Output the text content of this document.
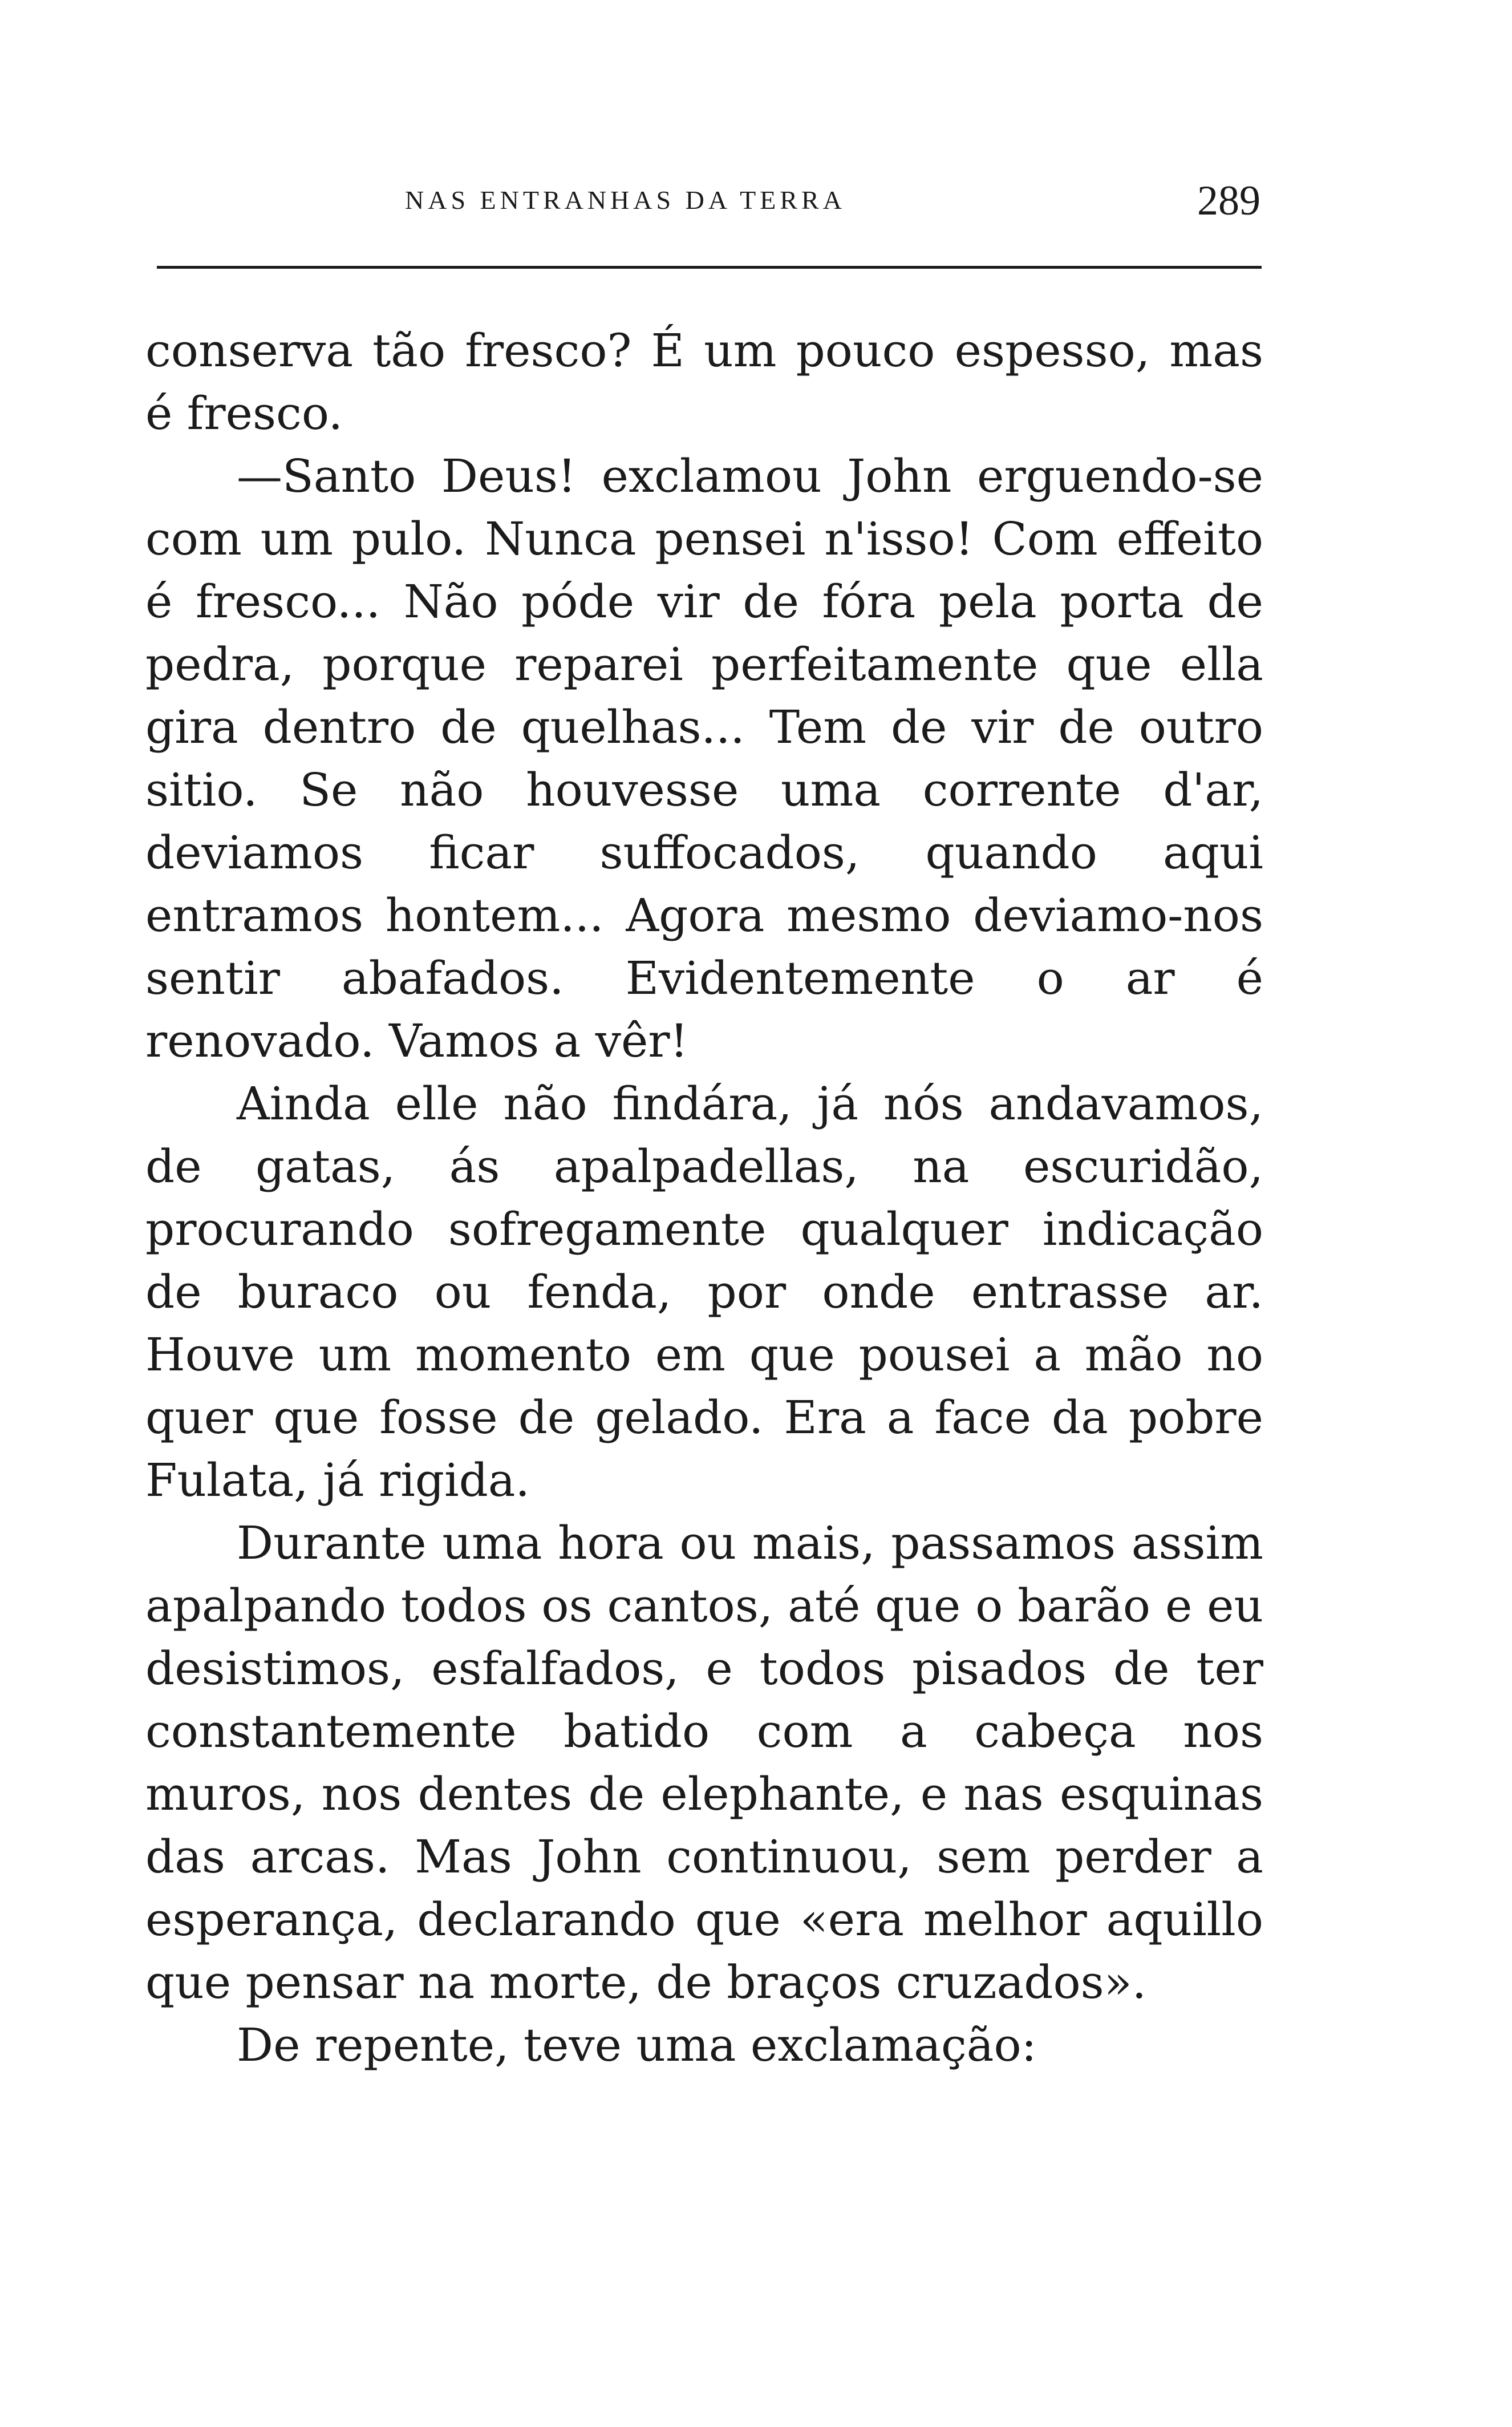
NAS ENTRANHAS DA TERRA	289

conserva tão fresco? É um pouco espesso, mas é fresco.

—Santo Deus! exclamou John erguendo-se com um pulo. Nunca pensei n'isso! Com effeito é fresco... Não póde vir de fóra pela porta de pedra, porque reparei perfeitamente que ella gira dentro de quelhas... Tem de vir de outro sitio. Se não houvesse uma corrente d'ar, deviamos ficar suffocados, quando aqui entramos hontem... Agora mesmo deviamo-nos sentir abafados. Evidentemente o ar é renovado. Vamos a vêr!

Ainda elle não findára, já nós andavamos, de gatas, ás apalpadellas, na escuridão, procurando sofregamente qualquer indicação de buraco ou fenda, por onde entrasse ar. Houve um momento em que pousei a mão no quer que fosse de gelado. Era a face da pobre Fulata, já rigida.

Durante uma hora ou mais, passamos assim apalpando todos os cantos, até que o barão e eu desistimos, esfalfados, e todos pisados de ter constantemente batido com a cabeça nos muros, nos dentes de elephante, e nas esquinas das arcas. Mas John continuou, sem perder a esperança, declarando que «era melhor aquillo que pensar na morte, de braços cruzados».

De repente, teve uma exclamação:
